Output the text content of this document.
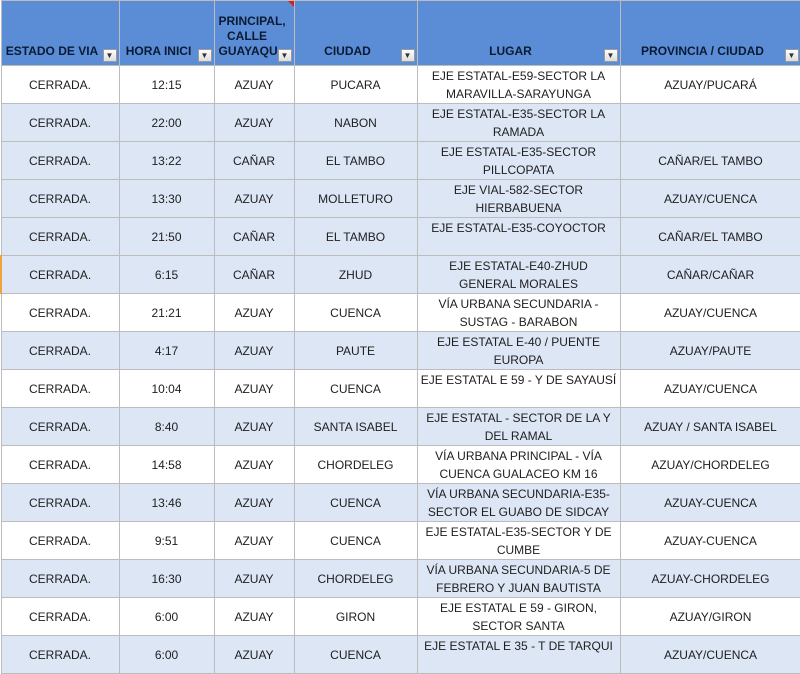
ESTADO DE VIA ▼	HORA INICI ▼	PRINCIPAL, CALLE GUAYAQU ▼	CIUDAD ▼	LUGAR ▼	PROVINCIA / CIUDAD ▼

CERRADA.	12:15	AZUAY	PUCARA	EJE ESTATAL-E59-SECTOR LA MARAVILLA-SARAYUNGA	AZUAY/PUCARÁ
CERRADA.	22:00	AZUAY	NABON	EJE ESTATAL-E35-SECTOR LA RAMADA	
CERRADA.	13:22	CAÑAR	EL TAMBO	EJE ESTATAL-E35-SECTOR PILLCOPATA	CAÑAR/EL TAMBO
CERRADA.	13:30	AZUAY	MOLLETURO	EJE VIAL-582-SECTOR HIERBABUENA	AZUAY/CUENCA
CERRADA.	21:50	CAÑAR	EL TAMBO	EJE ESTATAL-E35-COYOCTOR	CAÑAR/EL TAMBO
CERRADA.	6:15	CAÑAR	ZHUD	EJE ESTATAL-E40-ZHUD GENERAL MORALES	CAÑAR/CAÑAR
CERRADA.	21:21	AZUAY	CUENCA	VÍA URBANA SECUNDARIA - SUSTAG - BARABON	AZUAY/CUENCA
CERRADA.	4:17	AZUAY	PAUTE	EJE ESTATAL E-40 / PUENTE EUROPA	AZUAY/PAUTE
CERRADA.	10:04	AZUAY	CUENCA	EJE ESTATAL E 59 - Y DE SAYAUSÍ	AZUAY/CUENCA
CERRADA.	8:40	AZUAY	SANTA ISABEL	EJE ESTATAL - SECTOR DE LA Y DEL RAMAL	AZUAY / SANTA ISABEL
CERRADA.	14:58	AZUAY	CHORDELEG	VÍA URBANA PRINCIPAL - VÍA CUENCA GUALACEO KM 16	AZUAY/CHORDELEG
CERRADA.	13:46	AZUAY	CUENCA	VÍA URBANA SECUNDARIA-E35-SECTOR EL GUABO DE SIDCAY	AZUAY-CUENCA
CERRADA.	9:51	AZUAY	CUENCA	EJE ESTATAL-E35-SECTOR Y DE CUMBE	AZUAY-CUENCA
CERRADA.	16:30	AZUAY	CHORDELEG	VÍA URBANA SECUNDARIA-5 DE FEBRERO Y JUAN BAUTISTA	AZUAY-CHORDELEG
CERRADA.	6:00	AZUAY	GIRON	EJE ESTATAL E 59 - GIRON, SECTOR SANTA	AZUAY/GIRON
CERRADA.	6:00	AZUAY	CUENCA	EJE ESTATAL E 35 - T DE TARQUI	AZUAY/CUENCA
